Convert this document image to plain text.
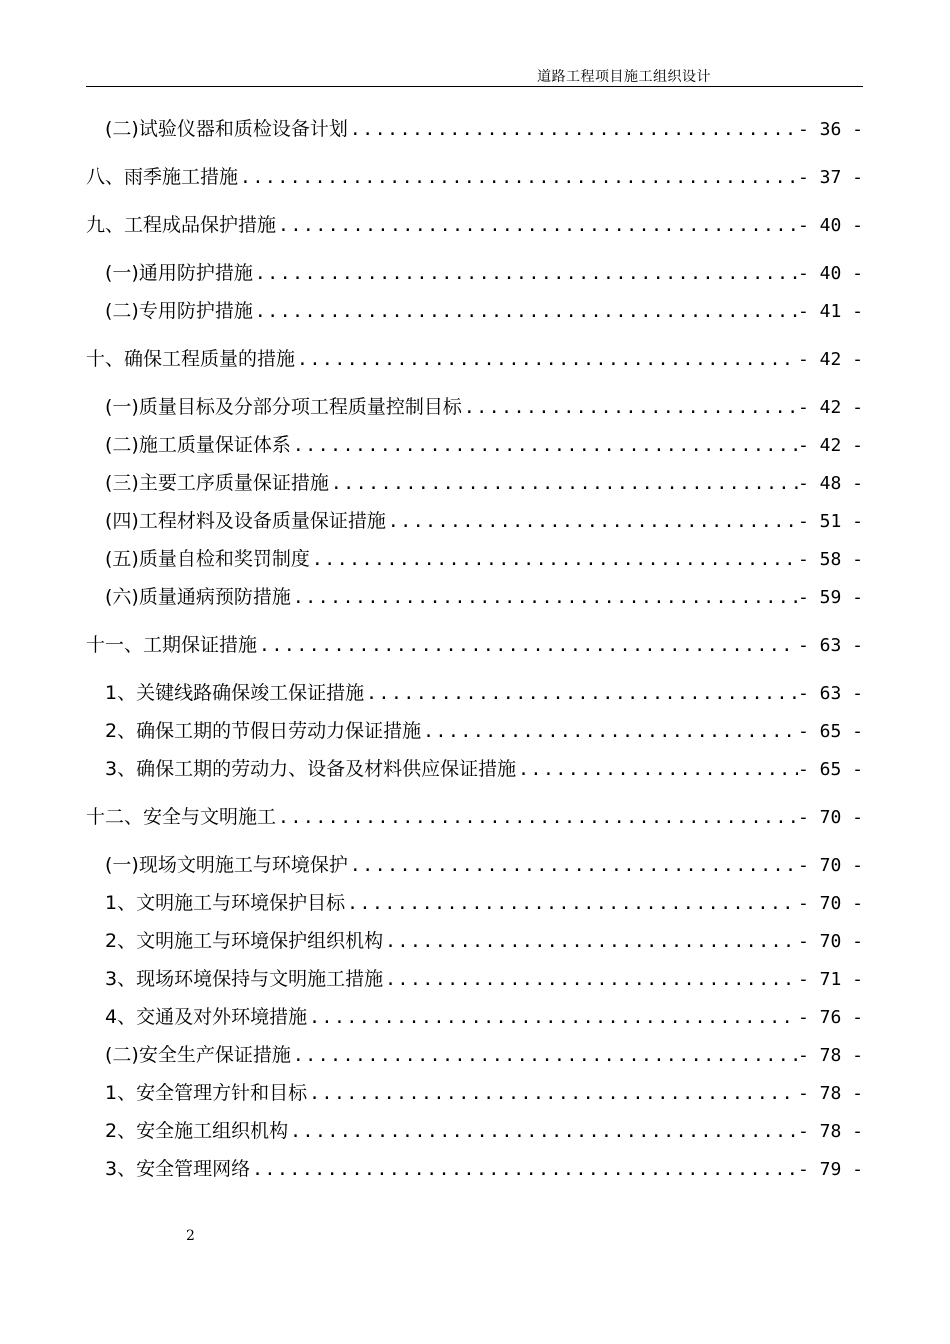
道路工程项目施工组织设计
(二)试验仪器和质检设备计划 .....	- 36 -
八、雨季施工措施 .....	- 37 -
九、工程成品保护措施 .....	- 40 -
(一)通用防护措施 .....	- 40 -
(二)专用防护措施 .....	- 41 -
十、确保工程质量的措施 .....	- 42 -
(一)质量目标及分部分项工程质量控制目标 .....	- 42 -
(二)施工质量保证体系 .....	- 42 -
(三)主要工序质量保证措施 .....	- 48 -
(四)工程材料及设备质量保证措施 .....	- 51 -
(五)质量自检和奖罚制度 .....	- 58 -
(六)质量通病预防措施 .....	- 59 -
十一、工期保证措施 .....	- 63 -
1、关键线路确保竣工保证措施 .....	- 63 -
2、确保工期的节假日劳动力保证措施 .....	- 65 -
3、确保工期的劳动力、设备及材料供应保证措施 .....	- 65 -
十二、安全与文明施工 .....	- 70 -
(一)现场文明施工与环境保护 .....	- 70 -
1、文明施工与环境保护目标 .....	- 70 -
2、文明施工与环境保护组织机构 .....	- 70 -
3、现场环境保持与文明施工措施 .....	- 71 -
4、交通及对外环境措施 .....	- 76 -
(二)安全生产保证措施 .....	- 78 -
1、安全管理方针和目标 .....	- 78 -
2、安全施工组织机构 .....	- 78 -
3、安全管理网络 .....	- 79 -
2
